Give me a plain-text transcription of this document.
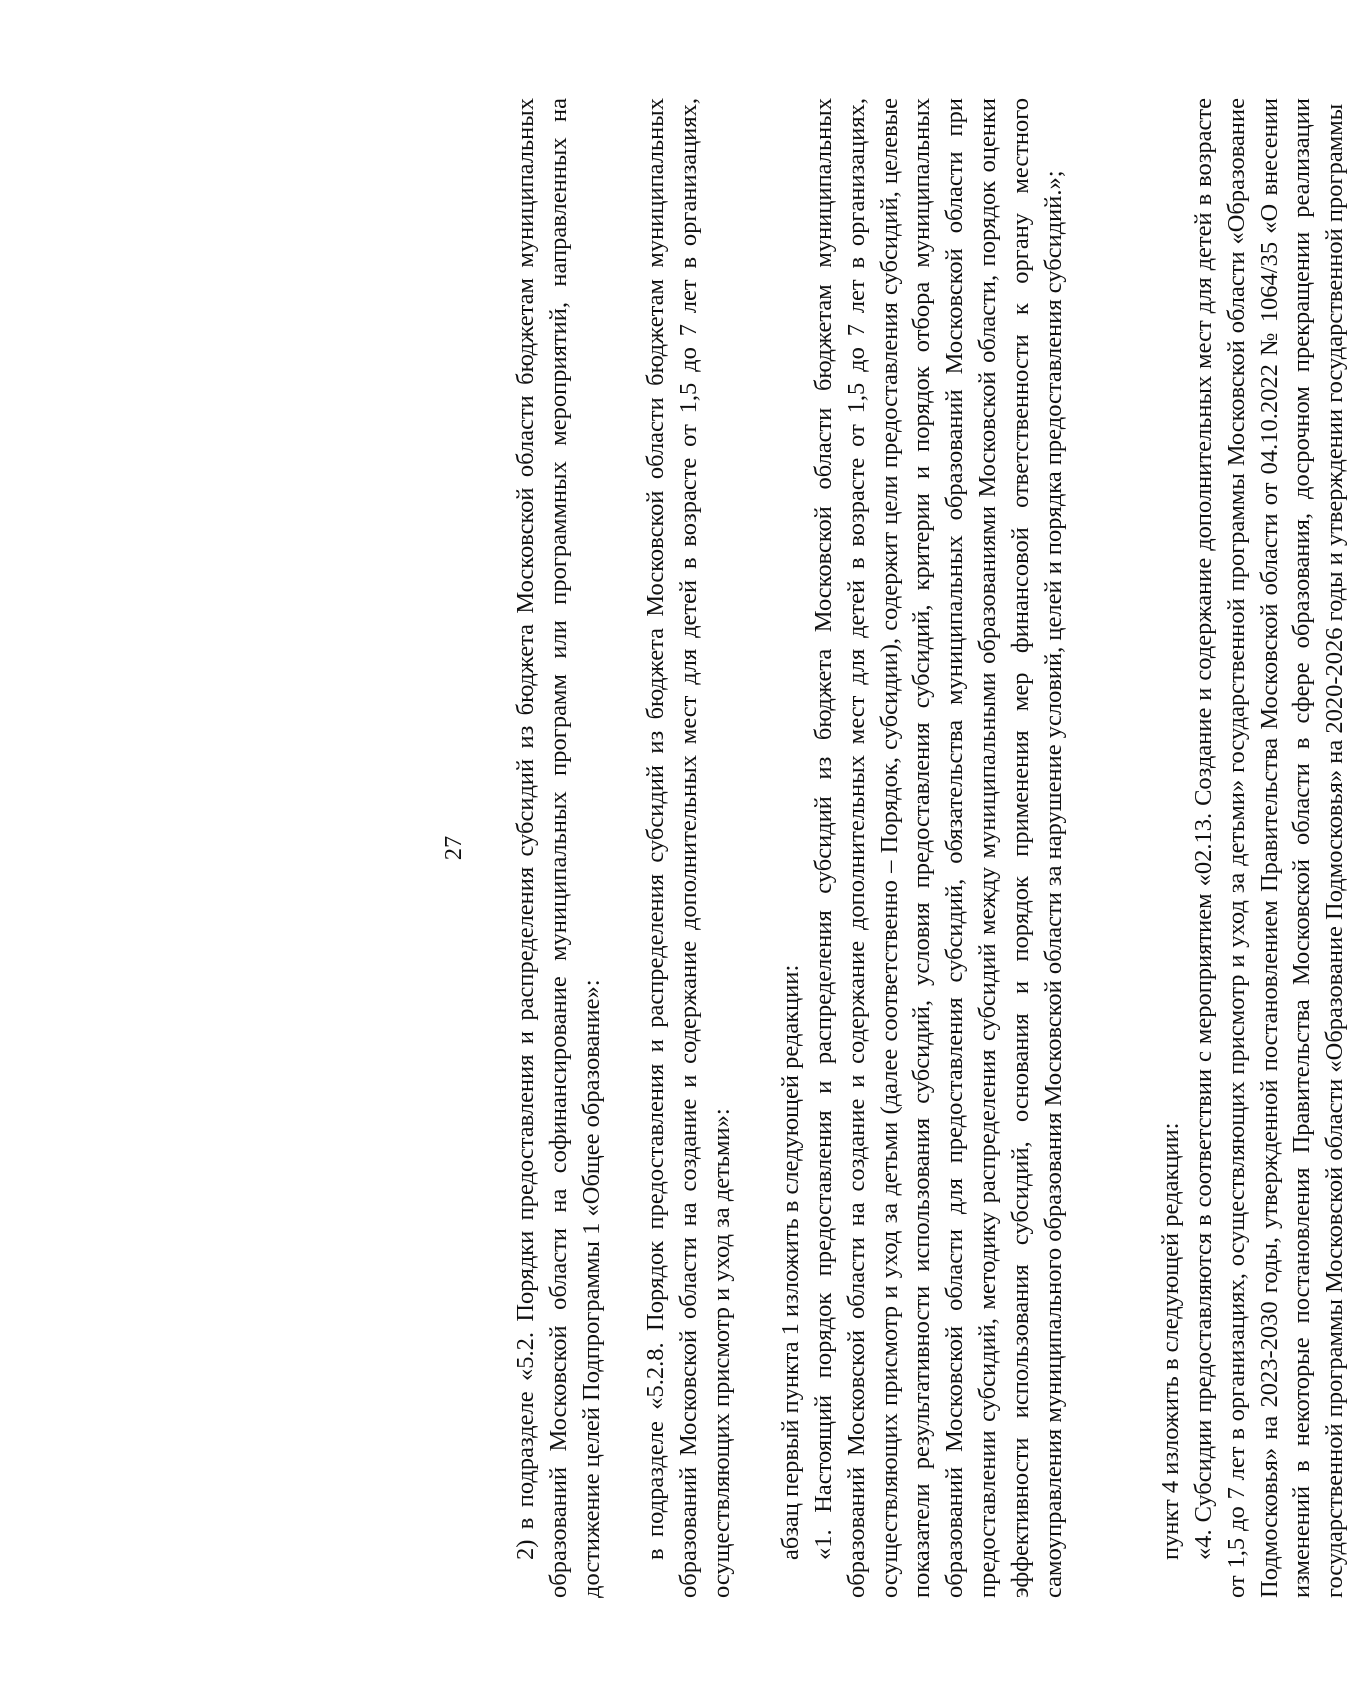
27 2) в подразделе «5.2. Порядки предоставления и распределения субсидий из бюджета Московской области бюджетам муниципальных образований Московской области на софинансирование муниципальных программ или программных мероприятий, направленных на достижение целей Подпрограммы 1 «Общее образование»: в подразделе «5.2.8. Порядок предоставления и распределения субсидий из бюджета Московской области бюджетам муниципальных образований Московской области на создание и содержание дополнительных мест для детей в возрасте от 1,5 до 7 лет в организациях, осуществляющих присмотр и уход за детьми»: абзац первый пункта 1 изложить в следующей редакции: «1. Настоящий порядок предоставления и распределения субсидий из бюджета Московской области бюджетам муниципальных образований Московской области на создание и содержание дополнительных мест для детей в возрасте от 1,5 до 7 лет в организациях, осуществляющих присмотр и уход за детьми (далее соответственно – Порядок, субсидии), содержит цели предоставления субсидий, целевые показатели результативности использования субсидий, условия предоставления субсидий, критерии и порядок отбора муниципальных образований Московской области для предоставления субсидий, обязательства муниципальных образований Московской области при предоставлении субсидий, методику распределения субсидий между муниципальными образованиями Московской области, порядок оценки эффективности использования субсидий, основания и порядок применения мер финансовой ответственности к органу местного самоуправления муниципального образования Московской области за нарушение условий, целей и порядка предоставления субсидий.»;	пункт 4 изложить в следующей редакции: «4. Субсидии предоставляются в соответствии с мероприятием «02.13. Создание и содержание дополнительных мест для детей в возрасте от 1,5 до 7 лет в организациях, осуществляющих присмотр и уход за детьми» государственной программы Московской области «Образование Подмосковья» на 2023-2030 годы, утвержденной постановлением Правительства Московской области от 04.10.2022 № 1064/35 «О внесении изменений в некоторые постановления Правительства Московской области в сфере образования, досрочном прекращении реализации государственной программы Московской области «Образование Подмосковья» на 2020-2026 годы и утверждении государственной программы
